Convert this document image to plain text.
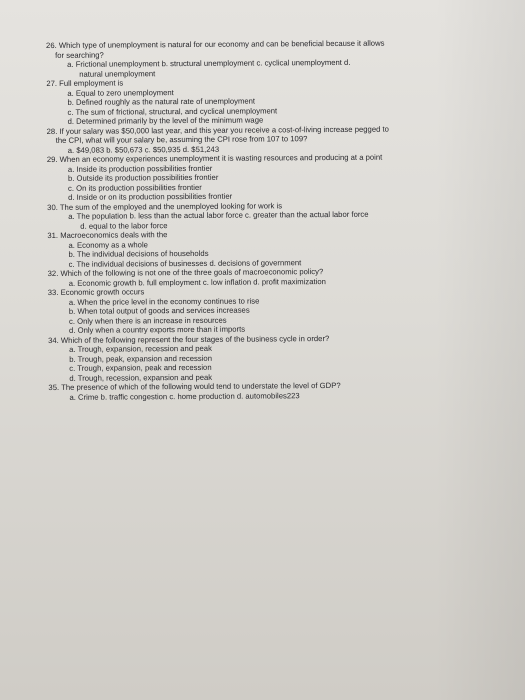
26. Which type of unemployment is natural for our economy and can be beneficial because it allows
for searching?
a. Frictional unemployment b. structural unemployment c. cyclical unemployment d.
natural unemployment
27. Full employment is
a. Equal to zero unemployment
b. Defined roughly as the natural rate of unemployment
c. The sum of frictional, structural, and cyclical unemployment
d. Determined primarily by the level of the minimum wage
28. If your salary was $50,000 last year, and this year you receive a cost-of-living increase pegged to
the CPI, what will your salary be, assuming the CPI rose from 107 to 109?
a. $49,083 b. $50,673 c. $50,935 d. $51,243
29. When an economy experiences unemployment it is wasting resources and producing at a point
a. Inside its production possibilities frontier
b. Outside its production possibilities frontier
c. On its production possibilities frontier
d. Inside or on its production possibilities frontier
30. The sum of the employed and the unemployed looking for work is
a. The population b. less than the actual labor force c. greater than the actual labor force
d. equal to the labor force
31. Macroeconomics deals with the
a. Economy as a whole
b. The individual decisions of households
c. The individual decisions of businesses d. decisions of government
32. Which of the following is not one of the three goals of macroeconomic policy?
a. Economic growth b. full employment c. low inflation d. profit maximization
33. Economic growth occurs
a. When the price level in the economy continues to rise
b. When total output of goods and services increases
c. Only when there is an increase in resources
d. Only when a country exports more than it imports
34. Which of the following represent the four stages of the business cycle in order?
a. Trough, expansion, recession and peak
b. Trough, peak, expansion and recession
c. Trough, expansion, peak and recession
d. Trough, recession, expansion and peak
35. The presence of which of the following would tend to understate the level of GDP?
a. Crime b. traffic congestion c. home production d. automobiles223
